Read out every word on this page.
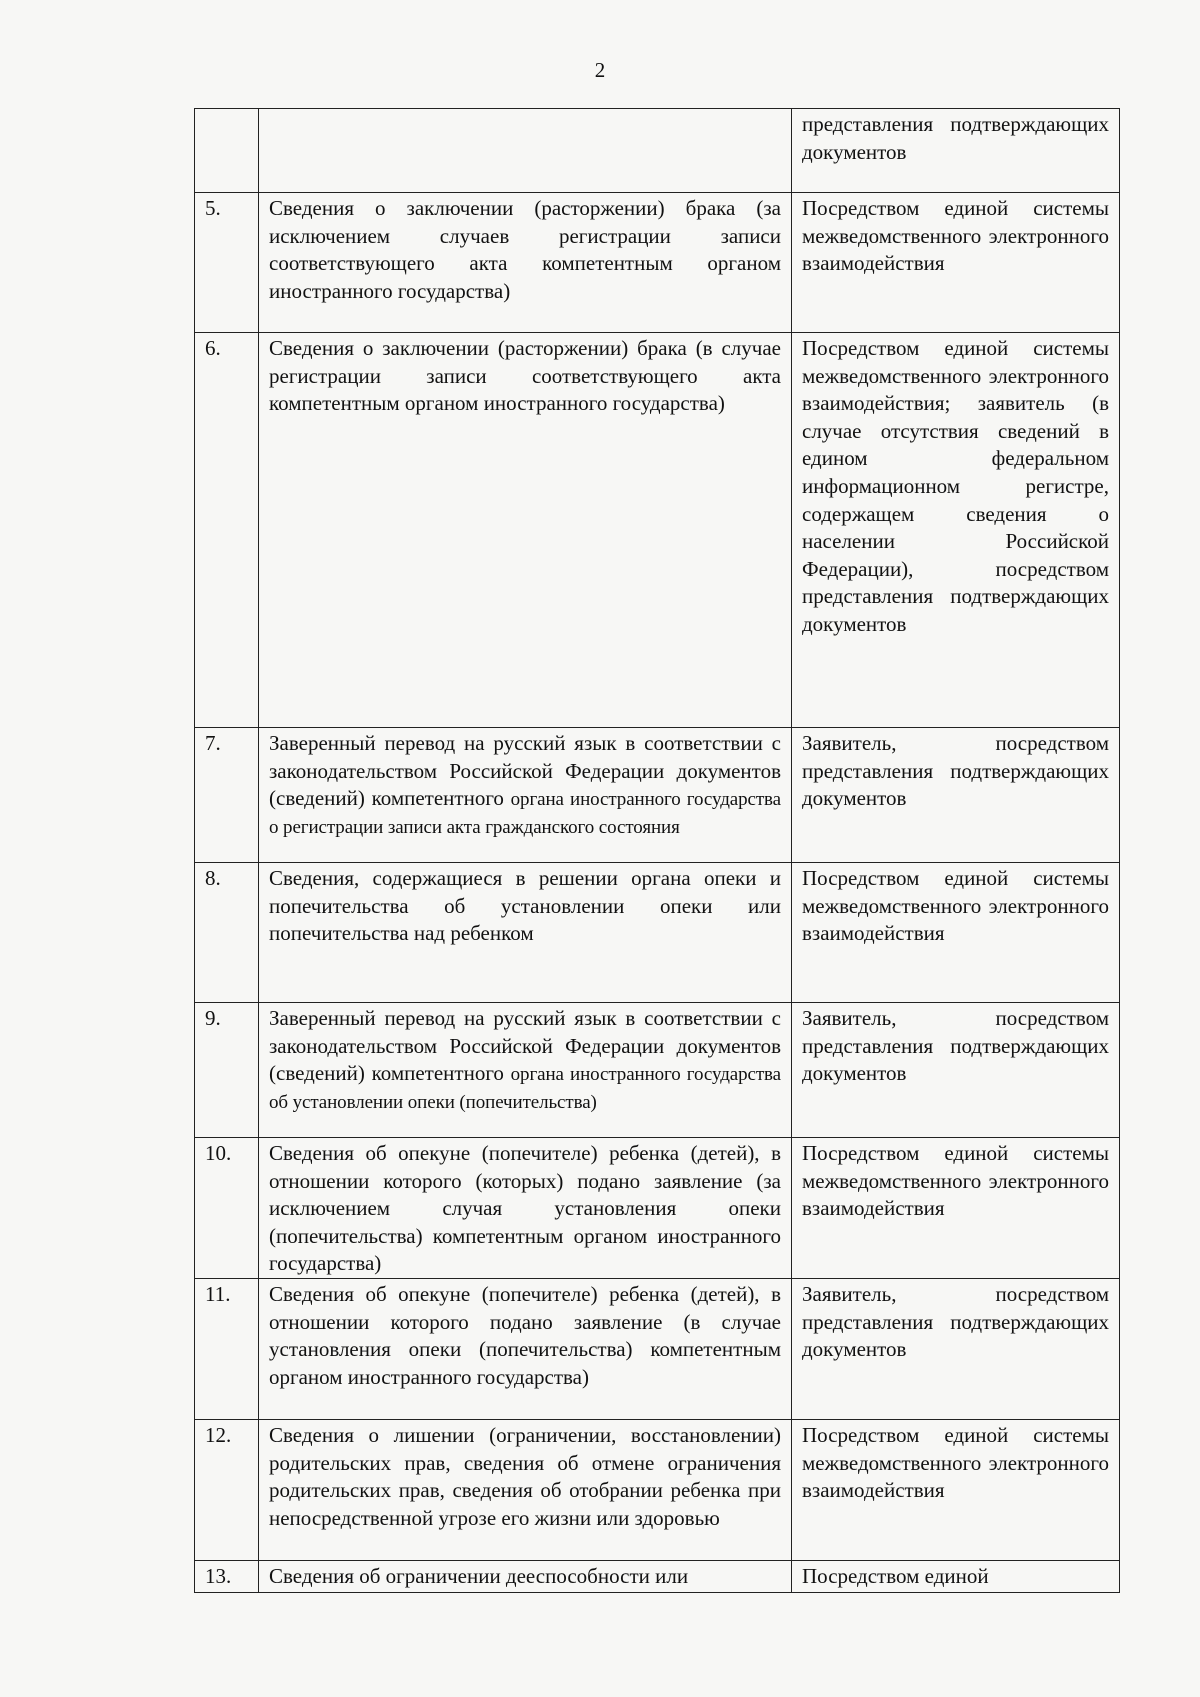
2
		представления подтверждающих документов
5.	Сведения о заключении (расторжении) брака (за исключением случаев регистрации записи соответствующего акта компетентным органом иностранного государства)	Посредством единой системы межведомственного электронного взаимодействия
6.	Сведения о заключении (расторжении) брака (в случае регистрации записи соответствующего акта компетентным органом иностранного государства)	Посредством единой системы межведомственного электронного взаимодействия; заявитель (в случае отсутствия сведений в едином федеральном информационном регистре, содержащем сведения о населении Российской Федерации), посредством представления подтверждающих документов
7.	Заверенный перевод на русский язык в соответствии с законодательством Российской Федерации документов (сведений) компетентного органа иностранного государства о регистрации записи акта гражданского состояния	Заявитель, посредством представления подтверждающих документов
8.	Сведения, содержащиеся в решении органа опеки и попечительства об установлении опеки или попечительства над ребенком	Посредством единой системы межведомственного электронного взаимодействия
9.	Заверенный перевод на русский язык в соответствии с законодательством Российской Федерации документов (сведений) компетентного органа иностранного государства об установлении опеки (попечительства)	Заявитель, посредством представления подтверждающих документов
10.	Сведения об опекуне (попечителе) ребенка (детей), в отношении которого (которых) подано заявление (за исключением случая установления опеки (попечительства) компетентным органом иностранного государства)	Посредством единой системы межведомственного электронного взаимодействия
11.	Сведения об опекуне (попечителе) ребенка (детей), в отношении которого подано заявление (в случае установления опеки (попечительства) компетентным органом иностранного государства)	Заявитель, посредством представления подтверждающих документов
12.	Сведения о лишении (ограничении, восстановлении) родительских прав, сведения об отмене ограничения родительских прав, сведения об отобрании ребенка при непосредственной угрозе его жизни или здоровью	Посредством единой системы межведомственного электронного взаимодействия
13.	Сведения об ограничении дееспособности или	Посредством единой
